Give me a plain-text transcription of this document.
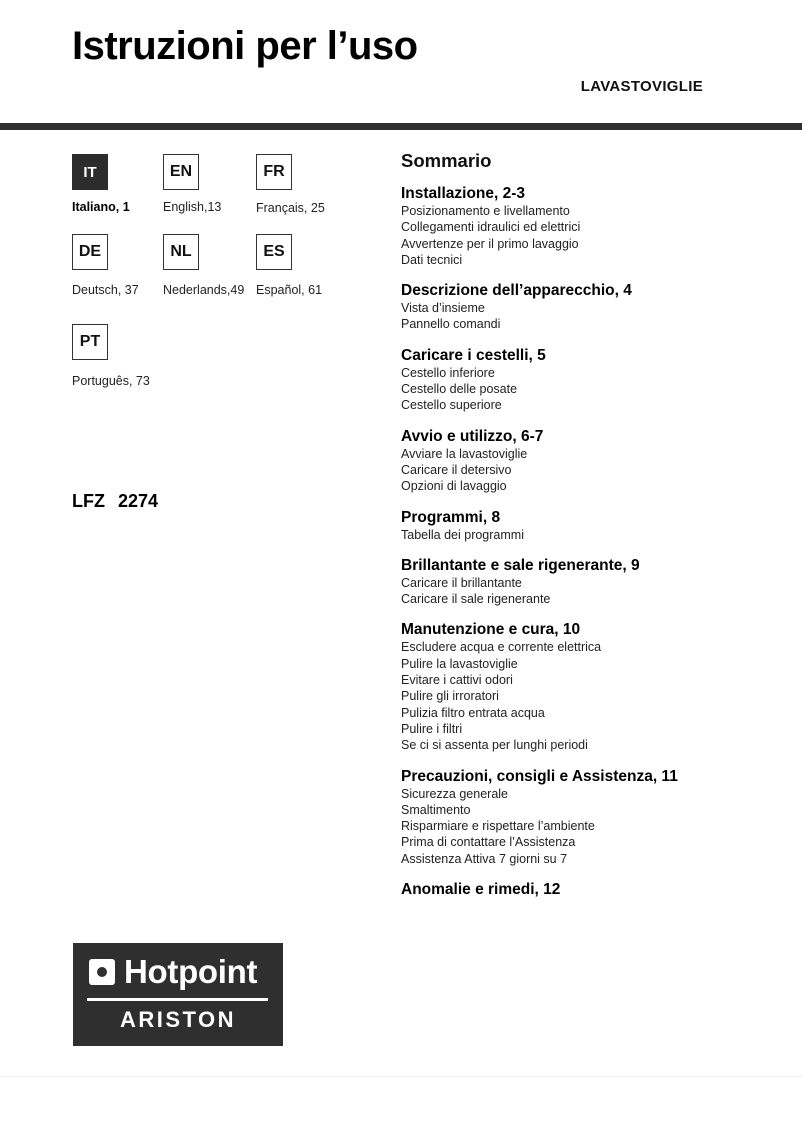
Istruzioni per l’uso
LAVASTOVIGLIE
IT
Italiano, 1
EN
English,13
FR
Français, 25
DE
Deutsch, 37
NL
Nederlands,49
ES
Español, 61
PT
Português, 73
LFZ 2274
Sommario
Installazione, 2-3
Posizionamento e livellamento
Collegamenti idraulici ed elettrici
Avvertenze per il primo lavaggio
Dati tecnici
Descrizione dell’apparecchio, 4
Vista d’insieme
Pannello comandi
Caricare i cestelli, 5
Cestello inferiore
Cestello delle posate
Cestello superiore
Avvio e utilizzo, 6-7
Avviare la lavastoviglie
Caricare il detersivo
Opzioni di lavaggio
Programmi, 8
Tabella dei programmi
Brillantante e sale rigenerante, 9
Caricare il brillantante
Caricare il sale rigenerante
Manutenzione e cura, 10
Escludere acqua e corrente elettrica
Pulire la lavastoviglie
Evitare i cattivi odori
Pulire gli irroratori
Pulizia filtro entrata acqua
Pulire i filtri
Se ci si assenta per lunghi periodi
Precauzioni, consigli e Assistenza, 11
Sicurezza generale
Smaltimento
Risparmiare e rispettare l’ambiente
Prima di contattare l’Assistenza
Assistenza Attiva 7 giorni su 7
Anomalie e rimedi, 12
Hotpoint
ARISTON
